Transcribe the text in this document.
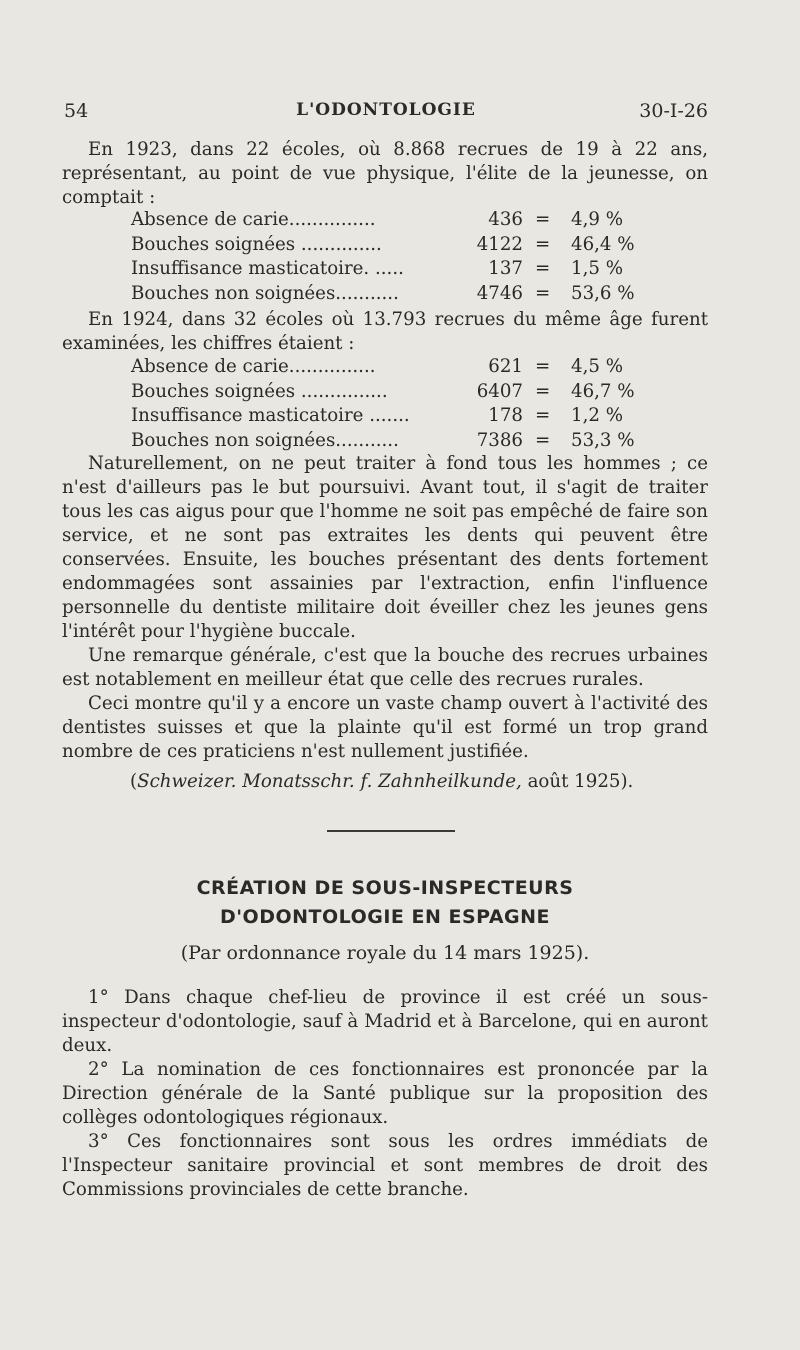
54	L'ODONTOLOGIE	30-I-26

En 1923, dans 22 écoles, où 8.868 recrues de 19 à 22 ans, représentant, au point de vue physique, l'élite de la jeunesse, on comptait :

Absence de carie...............	436 = 4,9 %
Bouches soignées ..............	4122 = 46,4 %
Insuffisance masticatoire. .....	137 = 1,5 %
Bouches non soignées...........	4746 = 53,6 %

En 1924, dans 32 écoles où 13.793 recrues du même âge furent examinées, les chiffres étaient :

Absence de carie...............	621 = 4,5 %
Bouches soignées ...............	6407 = 46,7 %
Insuffisance masticatoire .......	178 = 1,2 %
Bouches non soignées...........	7386 = 53,3 %

Naturellement, on ne peut traiter à fond tous les hommes ; ce n'est d'ailleurs pas le but poursuivi. Avant tout, il s'agit de traiter tous les cas aigus pour que l'homme ne soit pas empêché de faire son service, et ne sont pas extraites les dents qui peuvent être conservées. Ensuite, les bouches présentant des dents fortement endommagées sont assainies par l'extraction, enfin l'influence personnelle du dentiste militaire doit éveiller chez les jeunes gens l'intérêt pour l'hygiène buccale.

Une remarque générale, c'est que la bouche des recrues urbaines est notablement en meilleur état que celle des recrues rurales.

Ceci montre qu'il y a encore un vaste champ ouvert à l'activité des dentistes suisses et que la plainte qu'il est formé un trop grand nombre de ces praticiens n'est nullement justifiée.

(Schweizer. Monatsschr. f. Zahnheilkunde, août 1925).
CRÉATION DE SOUS-INSPECTEURS
D'ODONTOLOGIE EN ESPAGNE
(Par ordonnance royale du 14 mars 1925).

1° Dans chaque chef-lieu de province il est créé un sous-inspecteur d'odontologie, sauf à Madrid et à Barcelone, qui en auront deux.

2° La nomination de ces fonctionnaires est prononcée par la Direction générale de la Santé publique sur la proposition des collèges odontologiques régionaux.

3° Ces fonctionnaires sont sous les ordres immédiats de l'Inspecteur sanitaire provincial et sont membres de droit des Commissions provinciales de cette branche.
